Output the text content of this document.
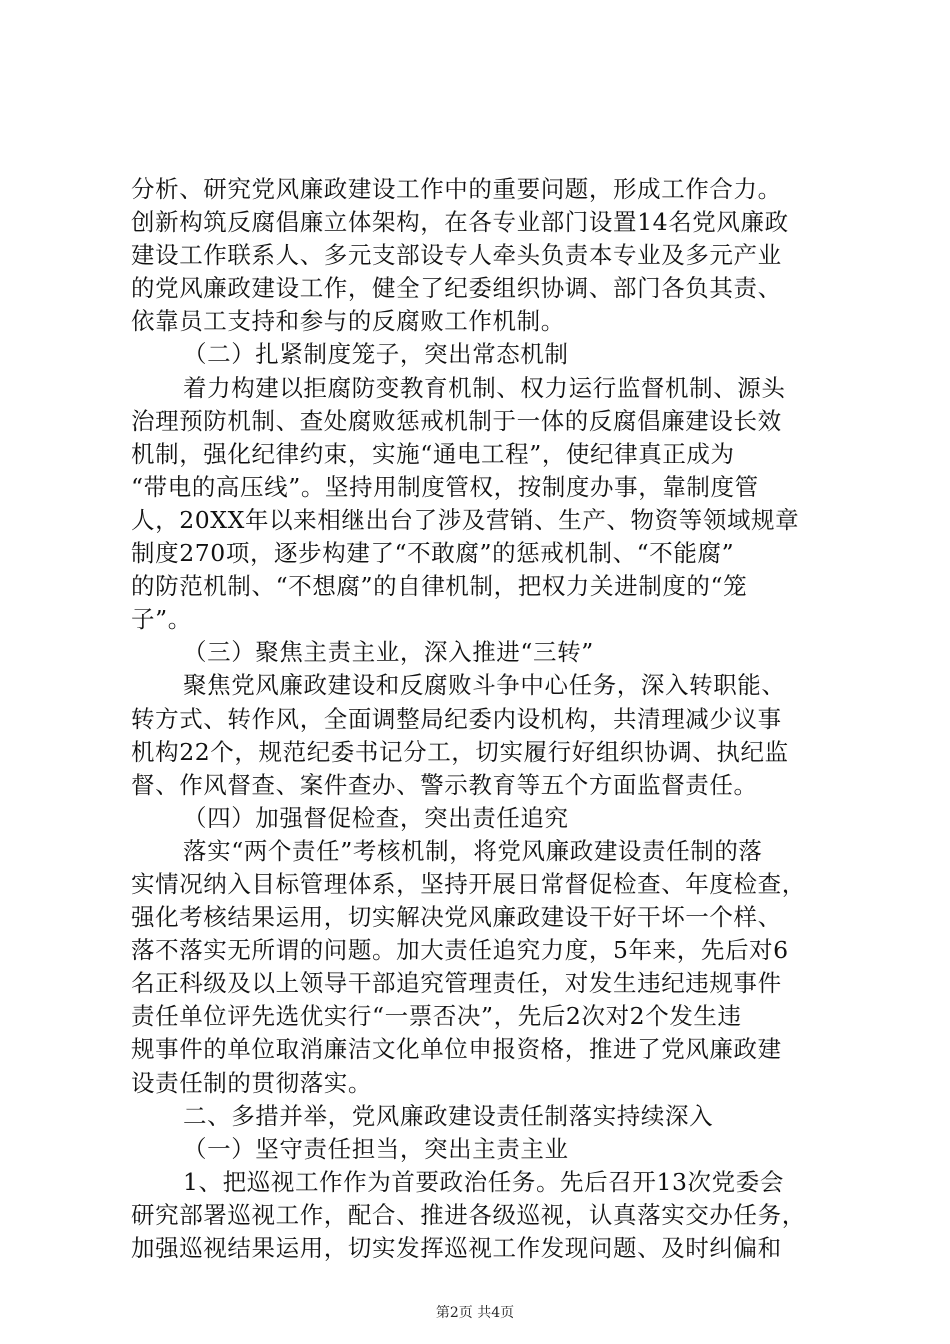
分析、研究党风廉政建设工作中的重要问题，形成工作合力。
创新构筑反腐倡廉立体架构，在各专业部门设置14名党风廉政
建设工作联系人、多元支部设专人牵头负责本专业及多元产业
的党风廉政建设工作，健全了纪委组织协调、部门各负其责、
依靠员工支持和参与的反腐败工作机制。
（二）扎紧制度笼子，突出常态机制
着力构建以拒腐防变教育机制、权力运行监督机制、源头
治理预防机制、查处腐败惩戒机制于一体的反腐倡廉建设长效
机制，强化纪律约束，实施“通电工程”，使纪律真正成为
“带电的高压线”。坚持用制度管权，按制度办事，靠制度管
人，20XX年以来相继出台了涉及营销、生产、物资等领域规章
制度270项，逐步构建了“不敢腐”的惩戒机制、“不能腐”
的防范机制、“不想腐”的自律机制，把权力关进制度的“笼
子”。
（三）聚焦主责主业，深入推进“三转”
聚焦党风廉政建设和反腐败斗争中心任务，深入转职能、
转方式、转作风，全面调整局纪委内设机构，共清理减少议事
机构22个，规范纪委书记分工，切实履行好组织协调、执纪监
督、作风督查、案件查办、警示教育等五个方面监督责任。
（四）加强督促检查，突出责任追究
落实“两个责任”考核机制，将党风廉政建设责任制的落
实情况纳入目标管理体系，坚持开展日常督促检查、年度检查，
强化考核结果运用，切实解决党风廉政建设干好干坏一个样、
落不落实无所谓的问题。加大责任追究力度，5年来，先后对6
名正科级及以上领导干部追究管理责任，对发生违纪违规事件
责任单位评先选优实行“一票否决”，先后2次对2个发生违
规事件的单位取消廉洁文化单位申报资格，推进了党风廉政建
设责任制的贯彻落实。
二、多措并举，党风廉政建设责任制落实持续深入
（一）坚守责任担当，突出主责主业
1、把巡视工作作为首要政治任务。先后召开13次党委会
研究部署巡视工作，配合、推进各级巡视，认真落实交办任务，
加强巡视结果运用，切实发挥巡视工作发现问题、及时纠偏和
第2页 共4页
